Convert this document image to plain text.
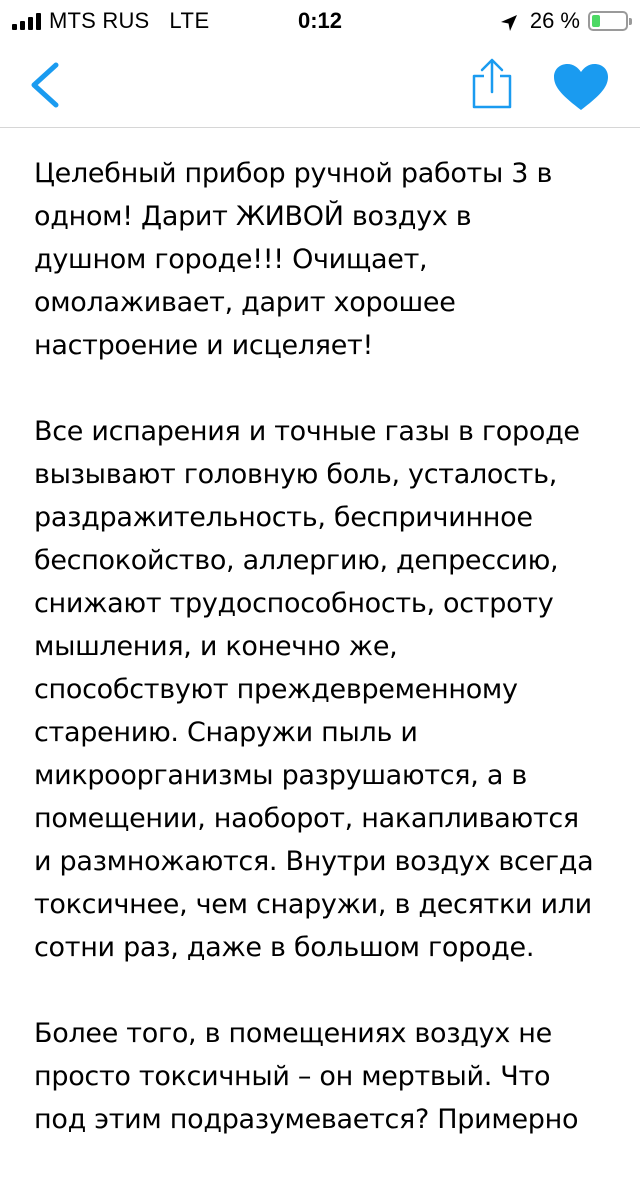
MTS RUS LTE	0:12	26 %

Целебный прибор ручной работы 3 в
одном! Дарит ЖИВОЙ воздух в
душном городе!!! Очищает,
омолаживает, дарит хорошее
настроение и исцеляет!

Все испарения и точные газы в городе
вызывают головную боль, усталость,
раздражительность, беспричинное
беспокойство, аллергию, депрессию,
снижают трудоспособность, остроту
мышления, и конечно же,
способствуют преждевременному
старению. Снаружи пыль и
микроорганизмы разрушаются, а в
помещении, наоборот, накапливаются
и размножаются. Внутри воздух всегда
токсичнее, чем снаружи, в десятки или
сотни раз, даже в большом городе.

Более того, в помещениях воздух не
просто токсичный – он мертвый. Что
под этим подразумевается? Примерно
